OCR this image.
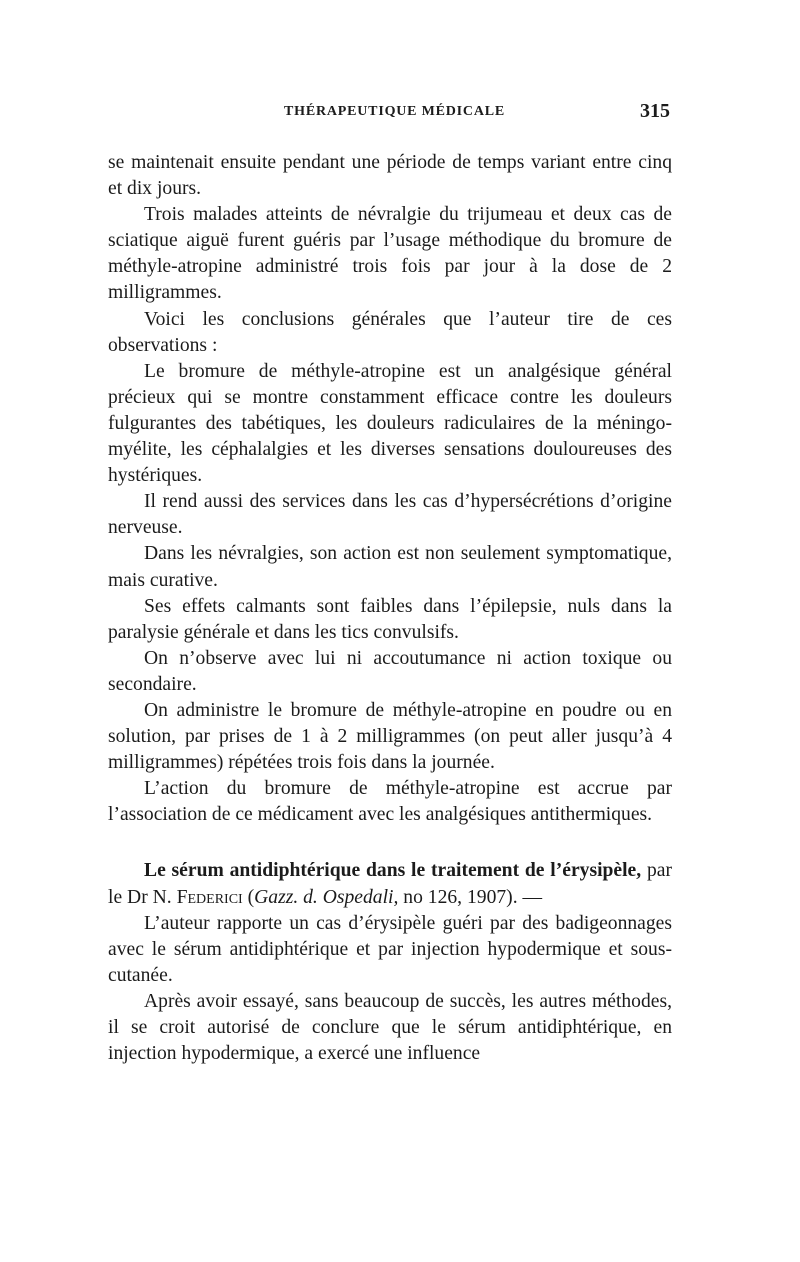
THÉRAPEUTIQUE MÉDICALE	315

se maintenait ensuite pendant une période de temps variant entre cinq et dix jours.

Trois malades atteints de névralgie du trijumeau et deux cas de sciatique aiguë furent guéris par l’usage méthodique du bromure de méthyle-atropine administré trois fois par jour à la dose de 2 milligrammes.

Voici les conclusions générales que l’auteur tire de ces observations :

Le bromure de méthyle-atropine est un analgésique général précieux qui se montre constamment efficace contre les douleurs fulgurantes des tabétiques, les douleurs radiculaires de la méningo-myélite, les céphalalgies et les diverses sensations douloureuses des hystériques.

Il rend aussi des services dans les cas d’hypersécrétions d’origine nerveuse.

Dans les névralgies, son action est non seulement symptomatique, mais curative.

Ses effets calmants sont faibles dans l’épilepsie, nuls dans la paralysie générale et dans les tics convulsifs.

On n’observe avec lui ni accoutumance ni action toxique ou secondaire.

On administre le bromure de méthyle-atropine en poudre ou en solution, par prises de 1 à 2 milligrammes (on peut aller jusqu’à 4 milligrammes) répétées trois fois dans la journée.

L’action du bromure de méthyle-atropine est accrue par l’association de ce médicament avec les analgésiques antithermiques.

Le sérum antidiphtérique dans le traitement de l’érysipèle, par le Dr N. Federici (Gazz. d. Ospedali, no 126, 1907). —

L’auteur rapporte un cas d’érysipèle guéri par des badigeonnages avec le sérum antidiphtérique et par injection hypodermique et sous-cutanée.

Après avoir essayé, sans beaucoup de succès, les autres méthodes, il se croit autorisé de conclure que le sérum antidiphtérique, en injection hypodermique, a exercé une influence
